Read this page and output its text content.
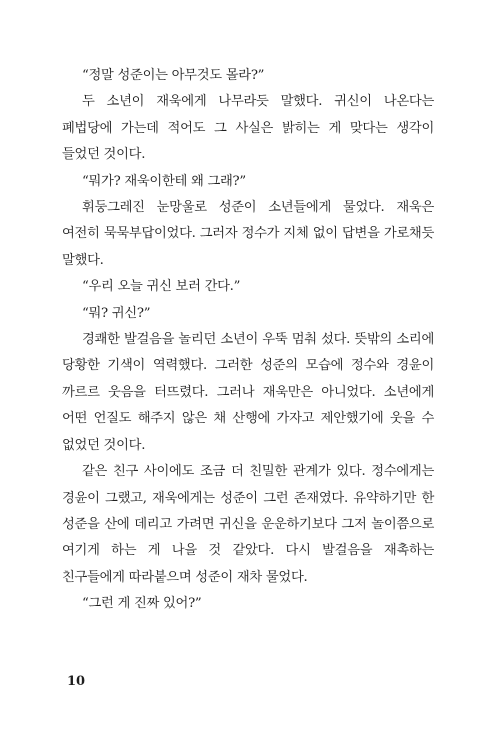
“정말 성준이는 아무것도 몰라?”

두 소년이 재욱에게 나무라듯 말했다. 귀신이 나온다는 폐법당에 가는데 적어도 그 사실은 밝히는 게 맞다는 생각이 들었던 것이다.

“뭐가? 재욱이한테 왜 그래?”

휘둥그레진 눈망울로 성준이 소년들에게 물었다. 재욱은 여전히 묵묵부답이었다. 그러자 정수가 지체 없이 답변을 가로채듯 말했다.

“우리 오늘 귀신 보러 간다.”

“뭐? 귀신?”

경쾌한 발걸음을 놀리던 소년이 우뚝 멈춰 섰다. 뜻밖의 소리에 당황한 기색이 역력했다. 그러한 성준의 모습에 정수와 경윤이 까르르 웃음을 터뜨렸다. 그러나 재욱만은 아니었다. 소년에게 어떤 언질도 해주지 않은 채 산행에 가자고 제안했기에 웃을 수 없었던 것이다.

같은 친구 사이에도 조금 더 친밀한 관계가 있다. 정수에게는 경윤이 그랬고, 재욱에게는 성준이 그런 존재였다. 유약하기만 한 성준을 산에 데리고 가려면 귀신을 운운하기보다 그저 놀이쯤으로 여기게 하는 게 나을 것 같았다. 다시 발걸음을 재촉하는 친구들에게 따라붙으며 성준이 재차 물었다.

“그런 게 진짜 있어?”

10
